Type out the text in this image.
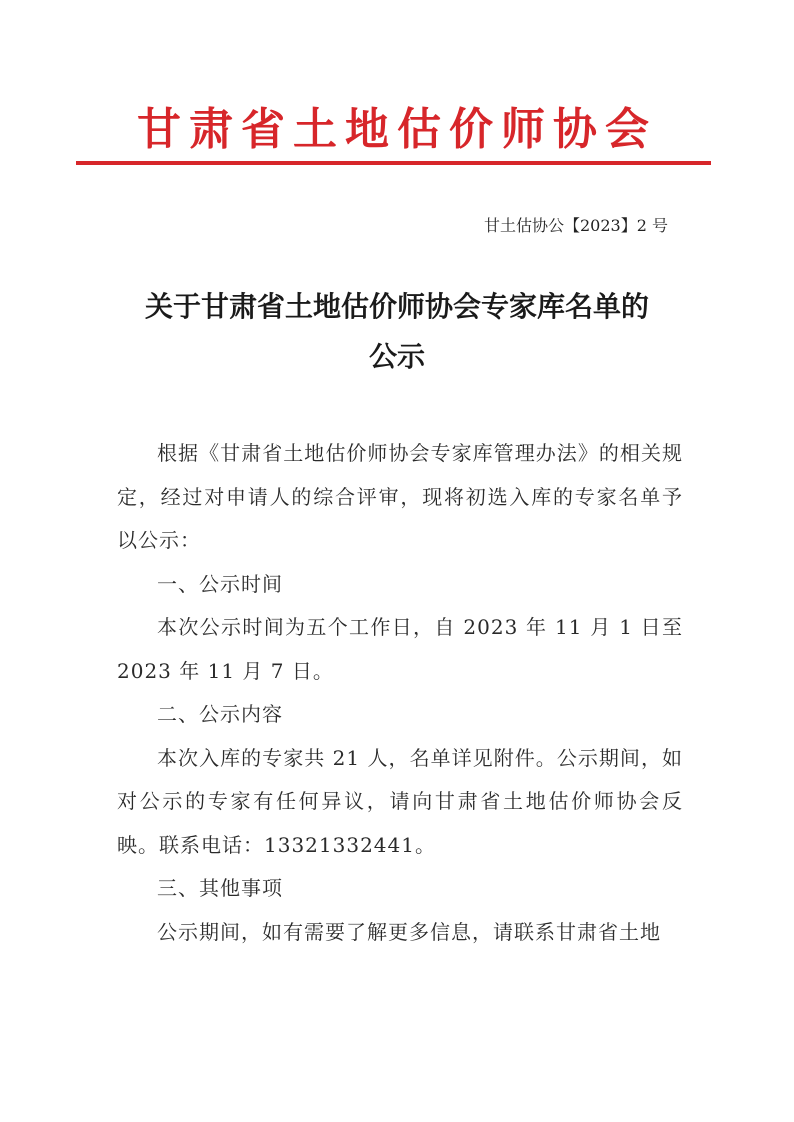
甘肃省土地估价师协会
甘土估协公【2023】2 号
关于甘肃省土地估价师协会专家库名单的
公示

根据《甘肃省土地估价师协会专家库管理办法》的相关规定，经过对申请人的综合评审，现将初选入库的专家名单予以公示：

一、公示时间

本次公示时间为五个工作日，自 2023 年 11 月 1 日至 2023 年 11 月 7 日。

二、公示内容

本次入库的专家共 21 人，名单详见附件。公示期间，如对公示的专家有任何异议，请向甘肃省土地估价师协会反映。联系电话：13321332441。

三、其他事项

公示期间，如有需要了解更多信息，请联系甘肃省土地
